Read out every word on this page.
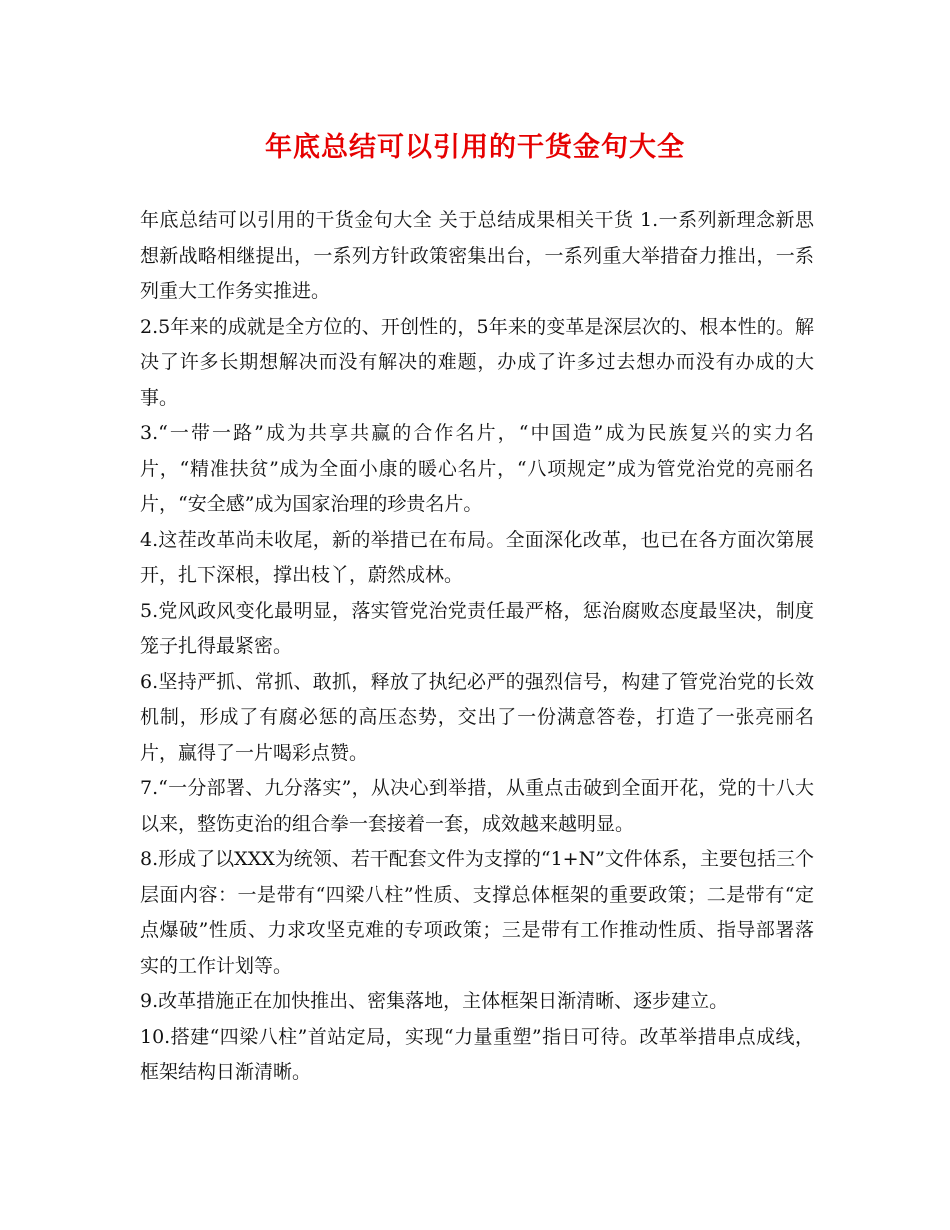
年底总结可以引用的干货金句大全

年底总结可以引用的干货金句大全 关于总结成果相关干货 1.一系列新理念新思想新战略相继提出，一系列方针政策密集出台，一系列重大举措奋力推出，一系列重大工作务实推进。

2.5年来的成就是全方位的、开创性的，5年来的变革是深层次的、根本性的。解决了许多长期想解决而没有解决的难题，办成了许多过去想办而没有办成的大事。

3.“一带一路”成为共享共赢的合作名片，“中国造”成为民族复兴的实力名片，“精准扶贫”成为全面小康的暖心名片，“八项规定”成为管党治党的亮丽名片，“安全感”成为国家治理的珍贵名片。

4.这茬改革尚未收尾，新的举措已在布局。全面深化改革，也已在各方面次第展开，扎下深根，撑出枝丫，蔚然成林。

5.党风政风变化最明显，落实管党治党责任最严格，惩治腐败态度最坚决，制度笼子扎得最紧密。

6.坚持严抓、常抓、敢抓，释放了执纪必严的强烈信号，构建了管党治党的长效机制，形成了有腐必惩的高压态势，交出了一份满意答卷，打造了一张亮丽名片，赢得了一片喝彩点赞。

7.“一分部署、九分落实”，从决心到举措，从重点击破到全面开花，党的十八大以来，整饬吏治的组合拳一套接着一套，成效越来越明显。

8.形成了以XXX为统领、若干配套文件为支撑的“1+N”文件体系，主要包括三个层面内容：一是带有“四梁八柱”性质、支撑总体框架的重要政策；二是带有“定点爆破”性质、力求攻坚克难的专项政策；三是带有工作推动性质、指导部署落实的工作计划等。

9.改革措施正在加快推出、密集落地，主体框架日渐清晰、逐步建立。

10.搭建“四梁八柱”首站定局，实现“力量重塑”指日可待。改革举措串点成线，框架结构日渐清晰。
